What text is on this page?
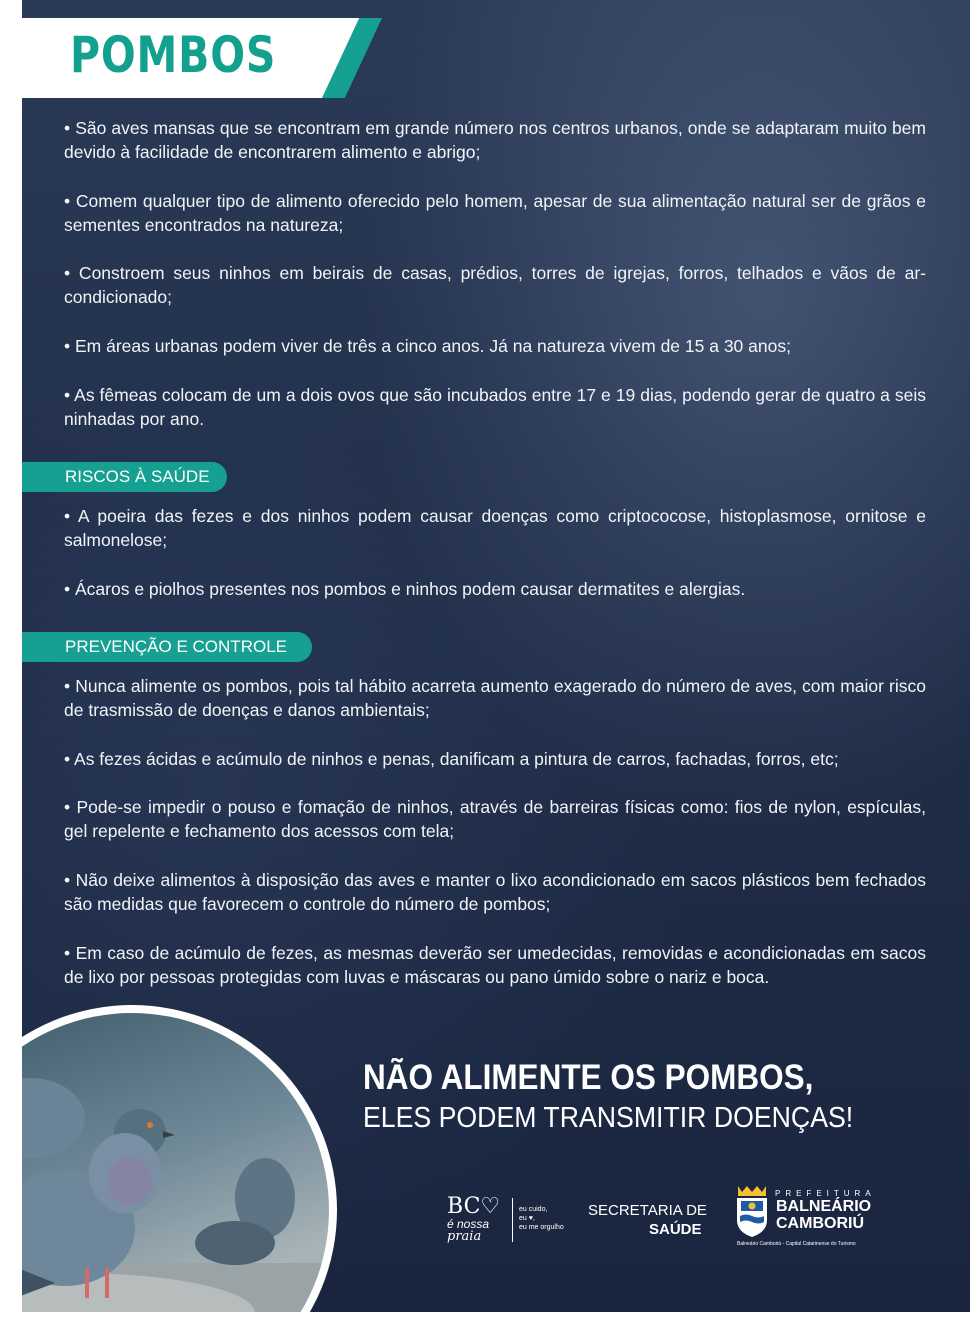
POMBOS

• São aves mansas que se encontram em grande número nos centros urbanos, onde se adaptaram muito bem devido à facilidade de encontrarem alimento e abrigo;

• Comem qualquer tipo de alimento oferecido pelo homem, apesar de sua alimentação natural ser de grãos e sementes encontrados na natureza;

• Constroem seus ninhos em beirais de casas, prédios, torres de igrejas, forros, telhados e vãos de ar-condicionado;

• Em áreas urbanas podem viver de três a cinco anos. Já na natureza vivem de 15 a 30 anos;

• As fêmeas colocam de um a dois ovos que são incubados entre 17 e 19 dias, podendo gerar de quatro a seis ninhadas por ano.

RISCOS À SAÚDE

• A poeira das fezes e dos ninhos podem causar doenças como criptococose, histoplasmose, ornitose e salmonelose;

• Ácaros e piolhos presentes nos pombos e ninhos podem causar dermatites e alergias.

PREVENÇÃO E CONTROLE

• Nunca alimente os pombos, pois tal hábito acarreta aumento exagerado do número de aves, com maior risco de trasmissão de doenças e danos ambientais;

• As fezes ácidas e acúmulo de ninhos e penas, danificam a pintura de carros, fachadas, forros, etc;

• Pode-se impedir o pouso e fomação de ninhos, através de barreiras físicas como: fios de nylon, espículas, gel repelente e fechamento dos acessos com tela;

• Não deixe alimentos à disposição das aves e manter o lixo acondicionado em sacos plásticos bem fechados são medidas que favorecem o controle do número de pombos;

• Em caso de acúmulo de fezes, as mesmas deverão ser umedecidas, removidas e acondicionadas em sacos de lixo por pessoas protegidas com luvas e máscaras ou pano úmido sobre o nariz e boca.

NÃO ALIMENTE OS POMBOS,
ELES PODEM TRANSMITIR DOENÇAS!
BC♡
é nossa
praia
eu cuido,
eu ♥,
eu me orgulho
SECRETARIA DE
SAÚDE
PREFEITURA
BALNEÁRIO
CAMBORIÚ
Balneário Camboriú - Capital Catarinense do Turismo
